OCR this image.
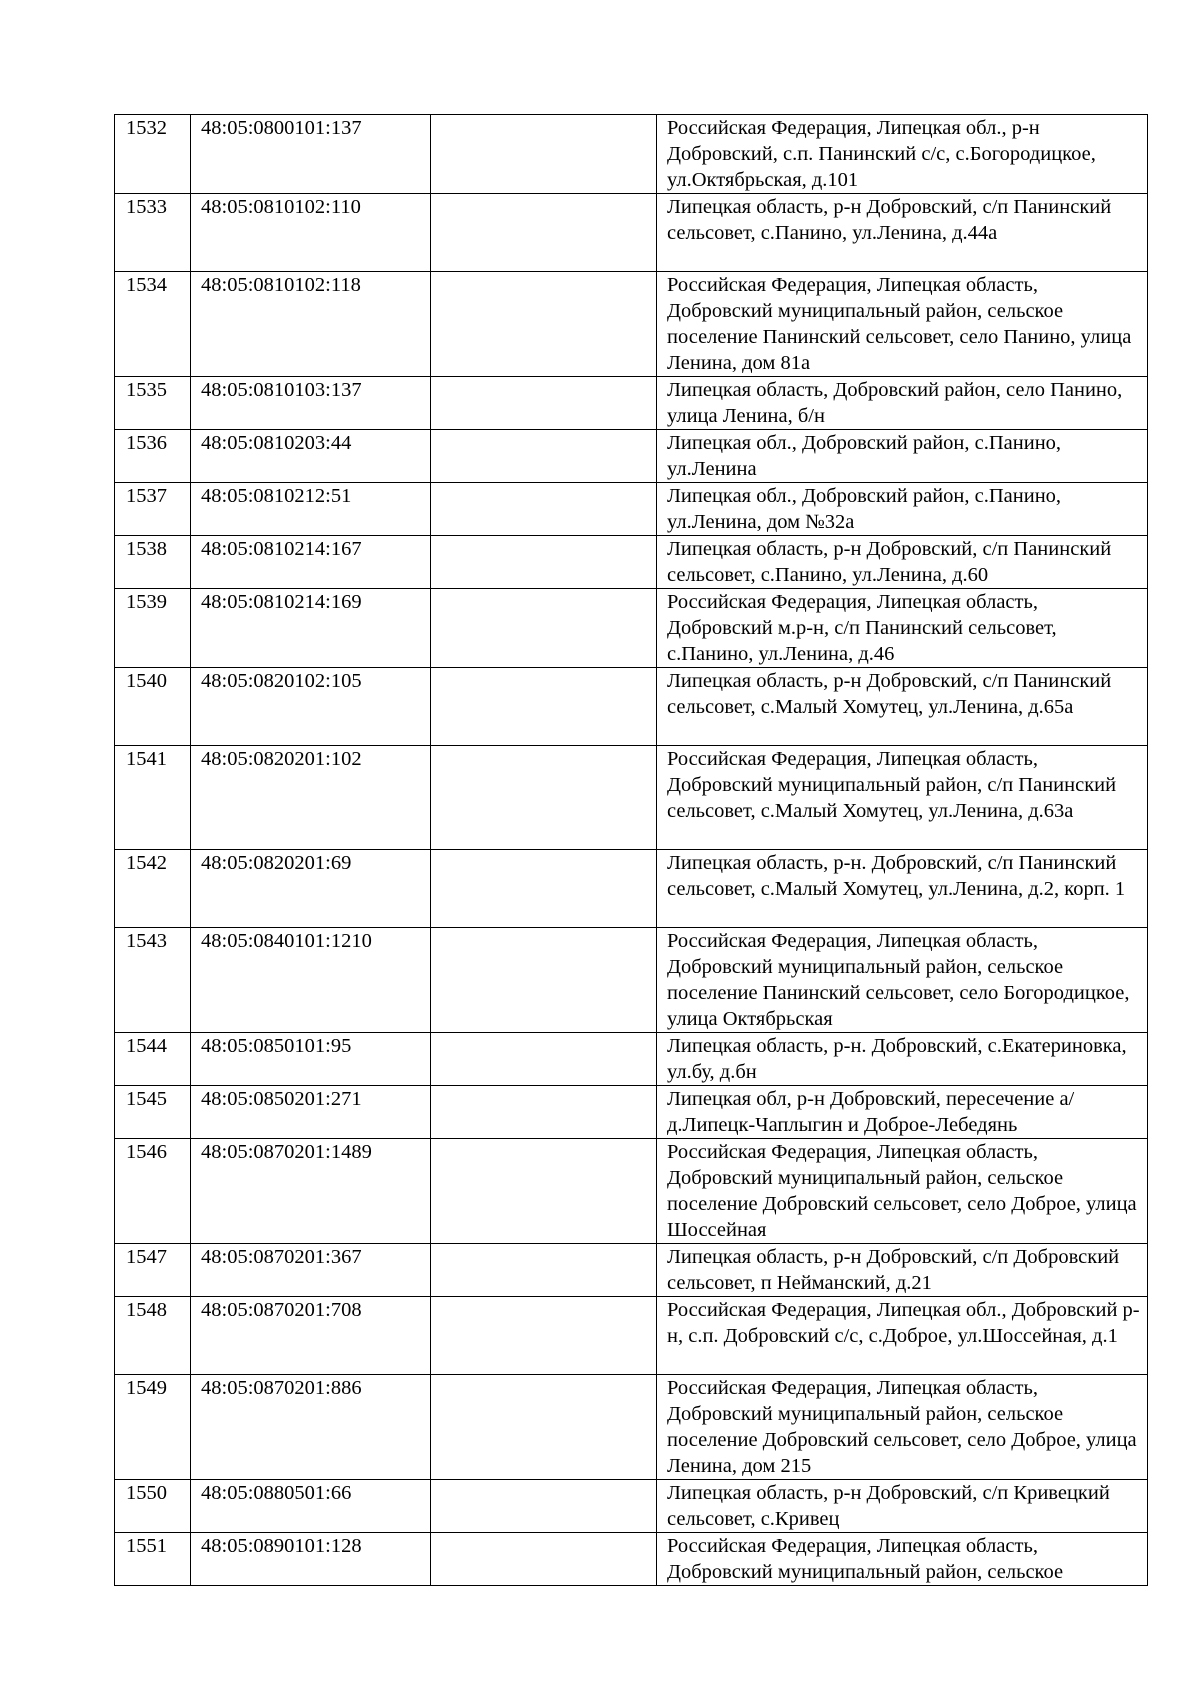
1532	48:05:0800101:137		Российская Федерация, Липецкая обл., р-н Добровский, с.п. Панинский с/с, с.Богородицкое, ул.Октябрьская, д.101
1533	48:05:0810102:110		Липецкая область, р-н Добровский, с/п Панинский сельсовет, с.Панино, ул.Ленина, д.44а
1534	48:05:0810102:118		Российская Федерация, Липецкая область, Добровский муниципальный район, сельское поселение Панинский сельсовет, село Панино, улица Ленина, дом 81а
1535	48:05:0810103:137		Липецкая область, Добровский район, село Панино, улица Ленина, б/н
1536	48:05:0810203:44		Липецкая обл., Добровский район, с.Панино, ул.Ленина
1537	48:05:0810212:51		Липецкая обл., Добровский район, с.Панино, ул.Ленина, дом №32а
1538	48:05:0810214:167		Липецкая область, р-н Добровский, с/п Панинский сельсовет, с.Панино, ул.Ленина, д.60
1539	48:05:0810214:169		Российская Федерация, Липецкая область, Добровский м.р-н, с/п Панинский сельсовет, с.Панино, ул.Ленина, д.46
1540	48:05:0820102:105		Липецкая область, р-н Добровский, с/п Панинский сельсовет, с.Малый Хомутец, ул.Ленина, д.65а
1541	48:05:0820201:102		Российская Федерация, Липецкая область, Добровский муниципальный район, с/п Панинский сельсовет, с.Малый Хомутец, ул.Ленина, д.63а
1542	48:05:0820201:69		Липецкая область, р-н. Добровский, с/п Панинский сельсовет, с.Малый Хомутец, ул.Ленина, д.2, корп. 1
1543	48:05:0840101:1210		Российская Федерация, Липецкая область, Добровский муниципальный район, сельское поселение Панинский сельсовет, село Богородицкое, улица Октябрьская
1544	48:05:0850101:95		Липецкая область, р-н. Добровский, с.Екатериновка, ул.бу, д.бн
1545	48:05:0850201:271		Липецкая обл, р-н Добровский, пересечение а/д.Липецк-Чаплыгин и Доброе-Лебедянь
1546	48:05:0870201:1489		Российская Федерация, Липецкая область, Добровский муниципальный район, сельское поселение Добровский сельсовет, село Доброе, улица Шоссейная
1547	48:05:0870201:367		Липецкая область, р-н Добровский, с/п Добровский сельсовет, п Нейманский, д.21
1548	48:05:0870201:708		Российская Федерация, Липецкая обл., Добровский р-н, с.п. Добровский с/с, с.Доброе, ул.Шоссейная, д.1
1549	48:05:0870201:886		Российская Федерация, Липецкая область, Добровский муниципальный район, сельское поселение Добровский сельсовет, село Доброе, улица Ленина, дом 215
1550	48:05:0880501:66		Липецкая область, р-н Добровский, с/п Кривецкий сельсовет, с.Кривец
1551	48:05:0890101:128		Российская Федерация, Липецкая область, Добровский муниципальный район, сельское
